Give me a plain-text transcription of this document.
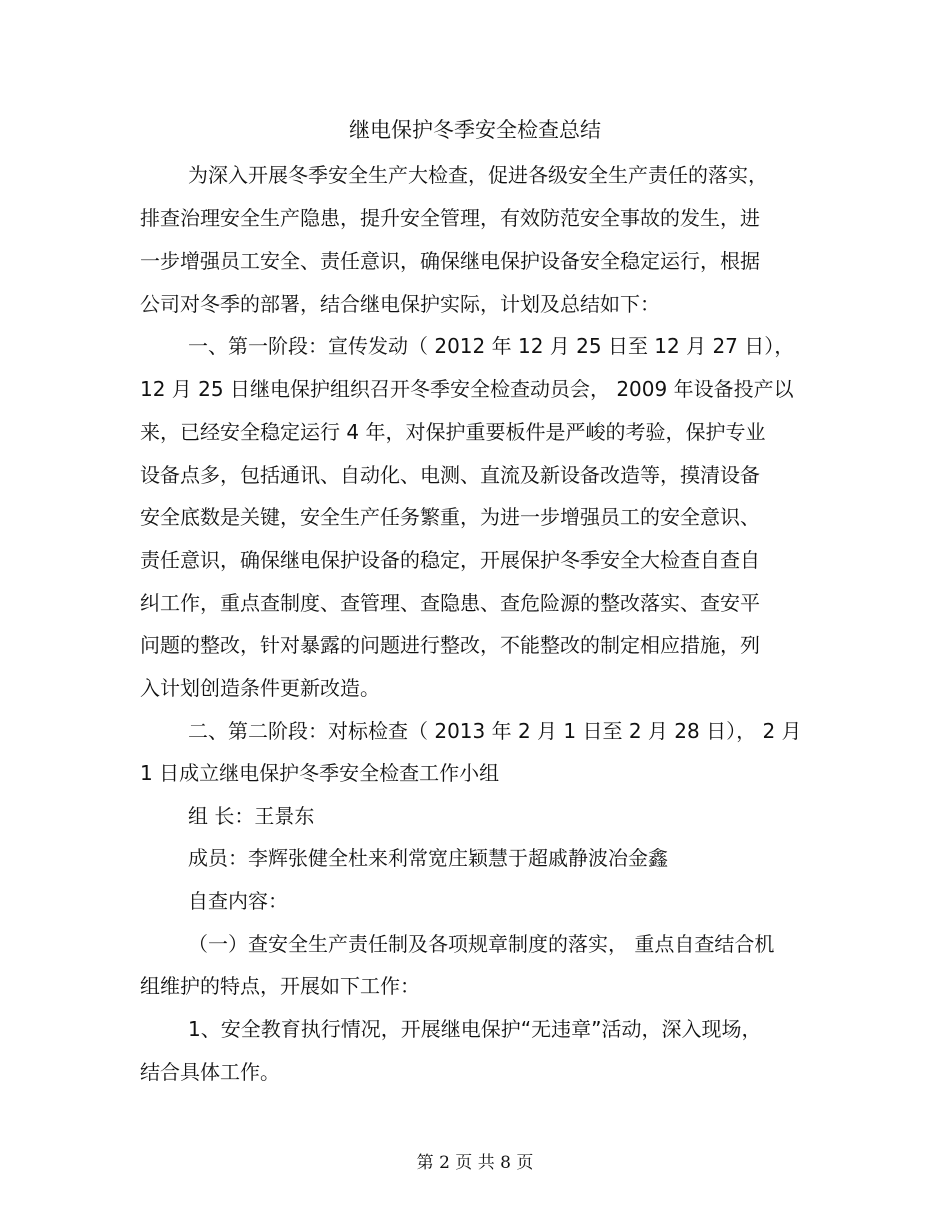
继电保护冬季安全检查总结
为深入开展冬季安全生产大检查，促进各级安全生产责任的落实，
排查治理安全生产隐患，提升安全管理，有效防范安全事故的发生，进
一步增强员工安全、责任意识，确保继电保护设备安全稳定运行，根据
公司对冬季的部署，结合继电保护实际，计划及总结如下：
一、第一阶段：宣传发动（ 2012 年 12 月 25 日至 12 月 27 日），
12 月 25 日继电保护组织召开冬季安全检查动员会， 2009 年设备投产以
来，已经安全稳定运行 4 年，对保护重要板件是严峻的考验，保护专业
设备点多，包括通讯、自动化、电测、直流及新设备改造等，摸清设备
安全底数是关键，安全生产任务繁重，为进一步增强员工的安全意识、
责任意识，确保继电保护设备的稳定，开展保护冬季安全大检查自查自
纠工作，重点查制度、查管理、查隐患、查危险源的整改落实、查安平
问题的整改，针对暴露的问题进行整改，不能整改的制定相应措施，列
入计划创造条件更新改造。
二、第二阶段：对标检查（ 2013 年 2 月 1 日至 2 月 28 日）， 2 月
1 日成立继电保护冬季安全检查工作小组
组 长：王景东
成员：李辉张健全杜来利常宽庄颖慧于超戚静波冶金鑫
自查内容：
（一）查安全生产责任制及各项规章制度的落实， 重点自查结合机
组维护的特点，开展如下工作：
1、安全教育执行情况，开展继电保护“无违章”活动，深入现场，
结合具体工作。
第 2 页 共 8 页
